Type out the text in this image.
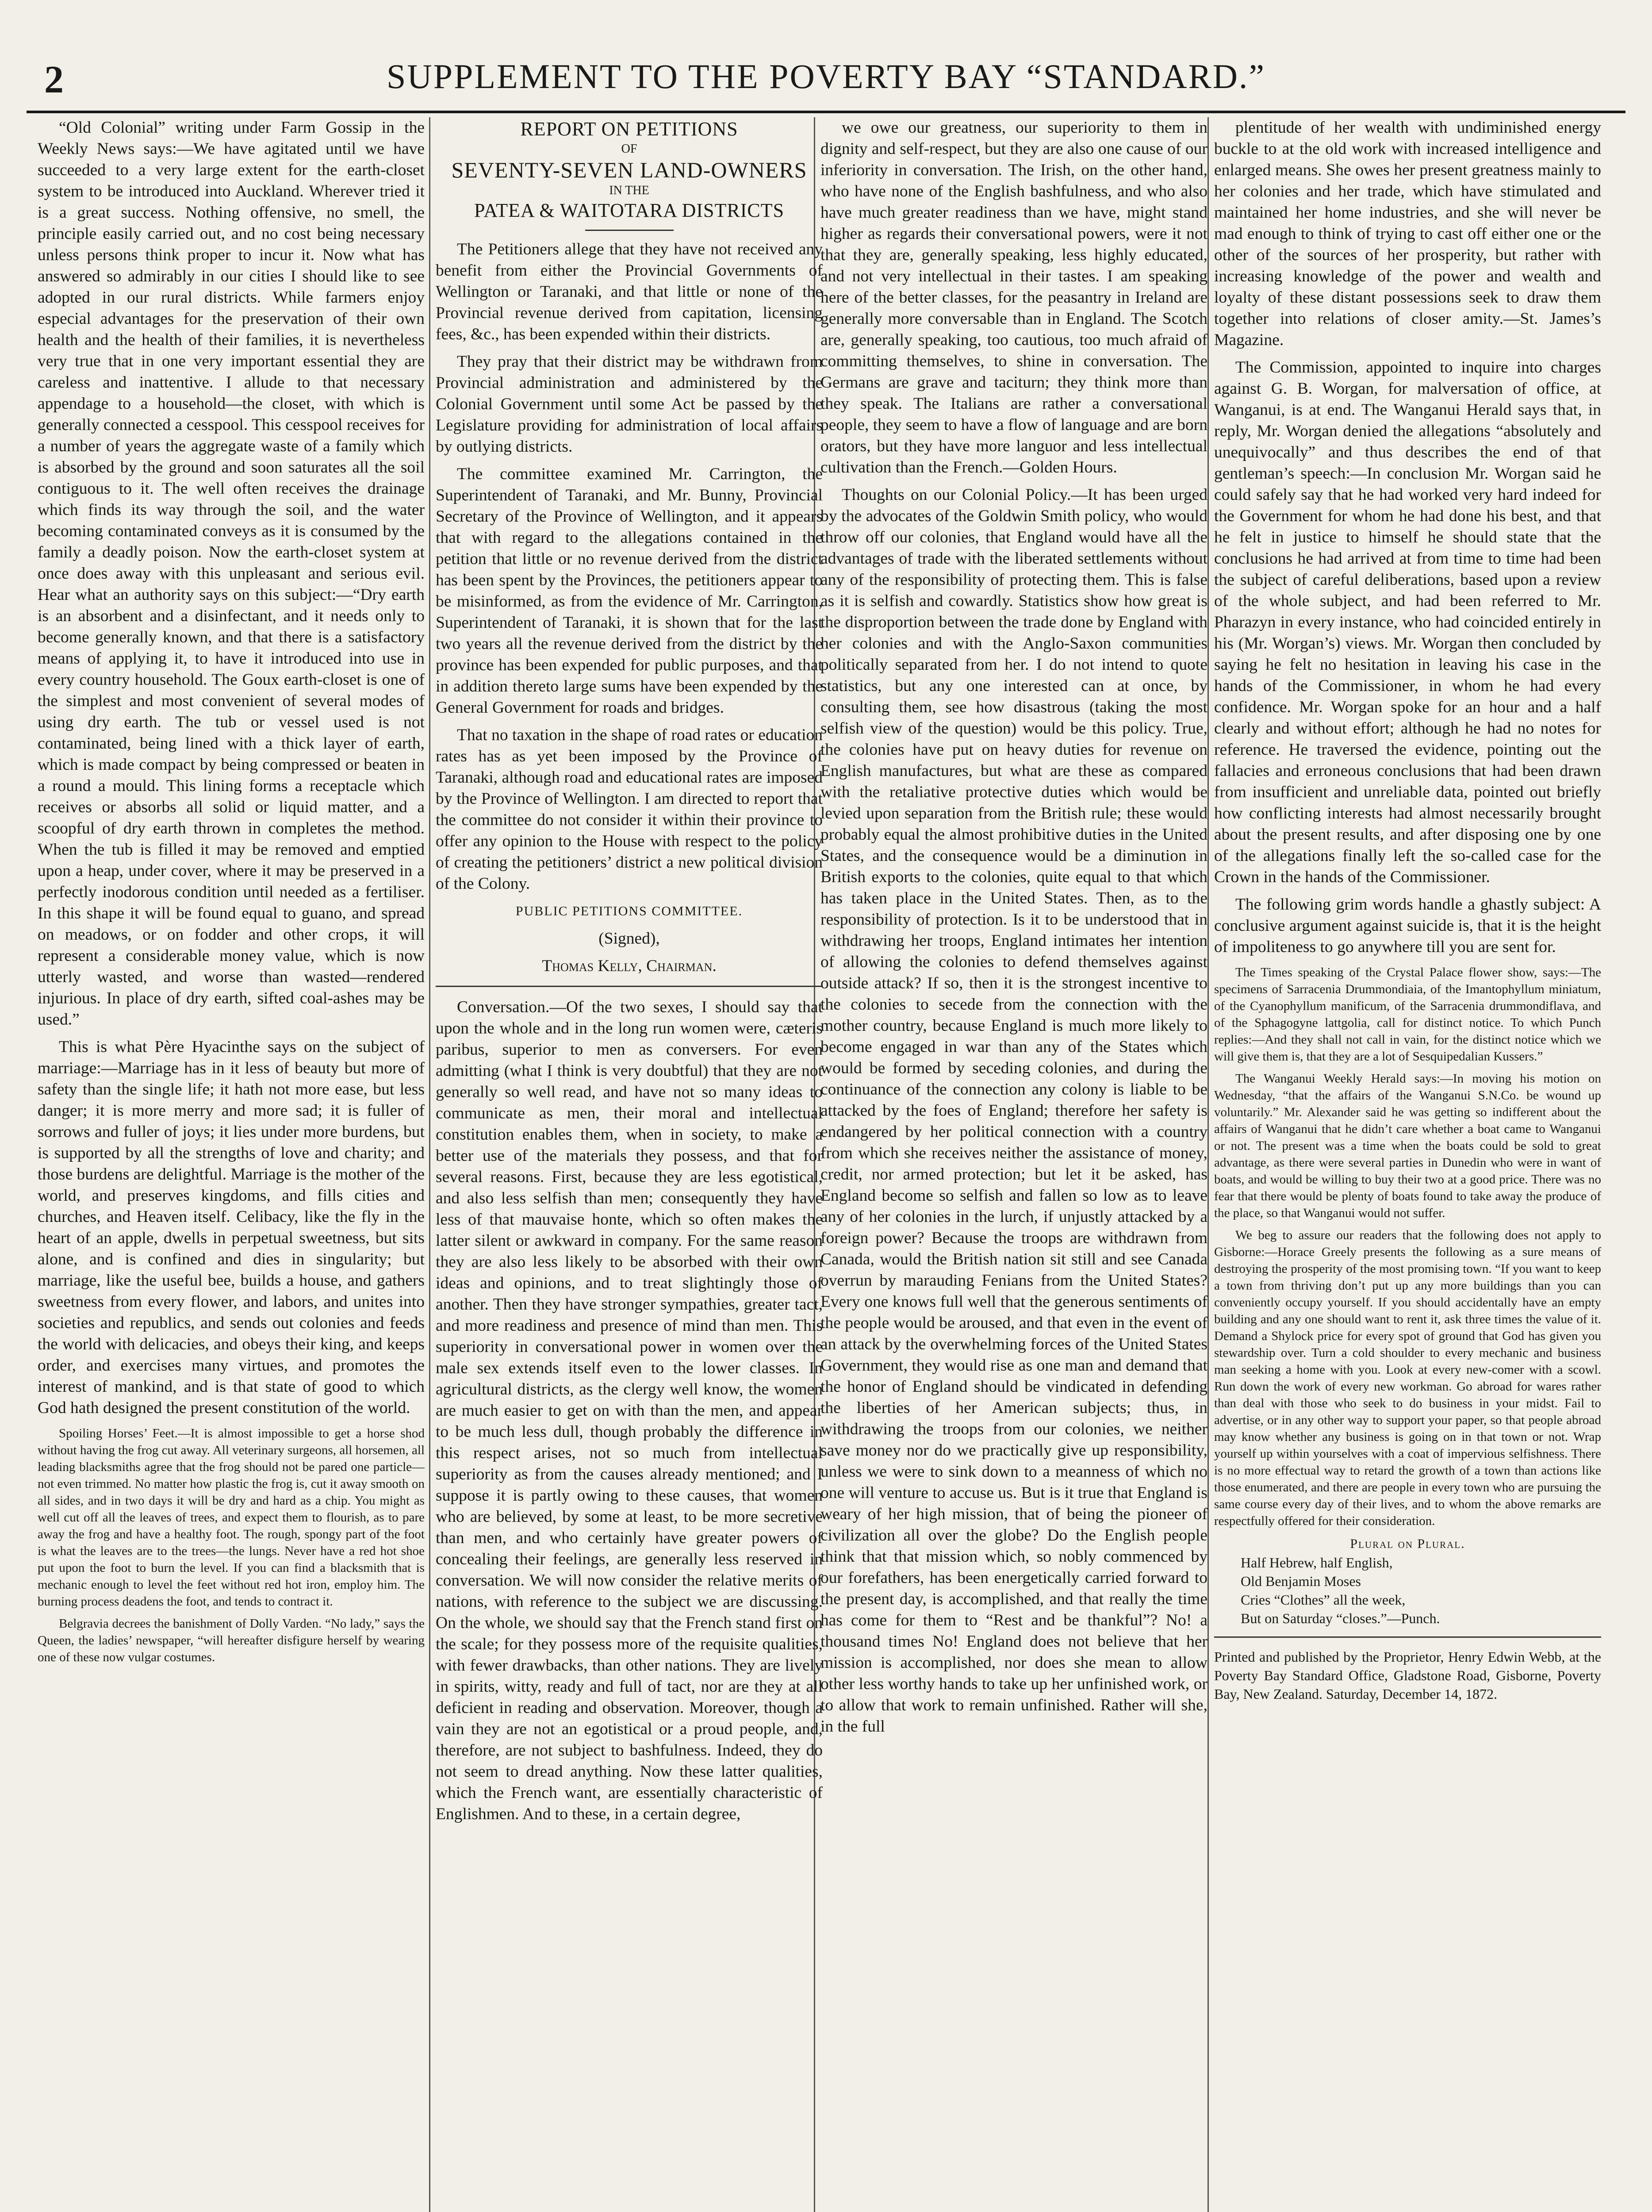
2	SUPPLEMENT TO THE POVERTY BAY “STANDARD.”

“Old Colonial” writing under Farm Gossip in the Weekly News says:—We have agitated until we have succeeded to a very large extent for the earth-closet system to be introduced into Auckland. Wherever tried it is a great success. Nothing offensive, no smell, the principle easily carried out, and no cost being necessary unless persons think proper to incur it. Now what has answered so admirably in our cities I should like to see adopted in our rural districts. While farmers enjoy especial advantages for the preservation of their own health and the health of their families, it is nevertheless very true that in one very important essential they are careless and inattentive. I allude to that necessary appendage to a household—the closet, with which is generally connected a cesspool. This cesspool receives for a number of years the aggregate waste of a family which is absorbed by the ground and soon saturates all the soil contiguous to it. The well often receives the drainage which finds its way through the soil, and the water becoming contaminated conveys as it is consumed by the family a deadly poison. Now the earth-closet system at once does away with this unpleasant and serious evil. Hear what an authority says on this subject:—“Dry earth is an absorbent and a disinfectant, and it needs only to become generally known, and that there is a satisfactory means of applying it, to have it introduced into use in every country household. The Goux earth-closet is one of the simplest and most convenient of several modes of using dry earth. The tub or vessel used is not contaminated, being lined with a thick layer of earth, which is made compact by being compressed or beaten in a round a mould. This lining forms a receptacle which receives or absorbs all solid or liquid matter, and a scoopful of dry earth thrown in completes the method. When the tub is filled it may be removed and emptied upon a heap, under cover, where it may be preserved in a perfectly inodorous condition until needed as a fertiliser. In this shape it will be found equal to guano, and spread on meadows, or on fodder and other crops, it will represent a considerable money value, which is now utterly wasted, and worse than wasted—rendered injurious. In place of dry earth, sifted coal-ashes may be used.”

This is what Père Hyacinthe says on the subject of marriage:—Marriage has in it less of beauty but more of safety than the single life; it hath not more ease, but less danger; it is more merry and more sad; it is fuller of sorrows and fuller of joys; it lies under more burdens, but is supported by all the strengths of love and charity; and those burdens are delightful. Marriage is the mother of the world, and preserves kingdoms, and fills cities and churches, and Heaven itself. Celibacy, like the fly in the heart of an apple, dwells in perpetual sweetness, but sits alone, and is confined and dies in singularity; but marriage, like the useful bee, builds a house, and gathers sweetness from every flower, and labors, and unites into societies and republics, and sends out colonies and feeds the world with delicacies, and obeys their king, and keeps order, and exercises many virtues, and promotes the interest of mankind, and is that state of good to which God hath designed the present constitution of the world.

Spoiling Horses’ Feet.—It is almost impossible to get a horse shod without having the frog cut away. All veterinary surgeons, all horsemen, all leading blacksmiths agree that the frog should not be pared one particle—not even trimmed. No matter how plastic the frog is, cut it away smooth on all sides, and in two days it will be dry and hard as a chip. You might as well cut off all the leaves of trees, and expect them to flourish, as to pare away the frog and have a healthy foot. The rough, spongy part of the foot is what the leaves are to the trees—the lungs. Never have a red hot shoe put upon the foot to burn the level. If you can find a blacksmith that is mechanic enough to level the feet without red hot iron, employ him. The burning process deadens the foot, and tends to contract it.

Belgravia decrees the banishment of Dolly Varden. “No lady,” says the Queen, the ladies’ newspaper, “will hereafter disfigure herself by wearing one of these now vulgar costumes.

REPORT ON PETITIONS
OF
SEVENTY-SEVEN LAND-OWNERS
IN THE
PATEA & WAITOTARA DISTRICTS

The Petitioners allege that they have not received any benefit from either the Provincial Governments of Wellington or Taranaki, and that little or none of the Provincial revenue derived from capitation, licensing fees, &c., has been expended within their districts.

They pray that their district may be withdrawn from Provincial administration and administered by the Colonial Government until some Act be passed by the Legislature providing for administration of local affairs by outlying districts.

The committee examined Mr. Carrington, the Superintendent of Taranaki, and Mr. Bunny, Provincial Secretary of the Province of Wellington, and it appears that with regard to the allegations contained in the petition that little or no revenue derived from the district has been spent by the Provinces, the petitioners appear to be misinformed, as from the evidence of Mr. Carrington, Superintendent of Taranaki, it is shown that for the last two years all the revenue derived from the district by the province has been expended for public purposes, and that in addition thereto large sums have been expended by the General Government for roads and bridges.

That no taxation in the shape of road rates or education rates has as yet been imposed by the Province of Taranaki, although road and educational rates are imposed by the Province of Wellington. I am directed to report that the committee do not consider it within their province to offer any opinion to the House with respect to the policy of creating the petitioners’ district a new political division of the Colony.

PUBLIC PETITIONS COMMITTEE.

(Signed),

Thomas Kelly, Chairman.

Conversation.—Of the two sexes, I should say that upon the whole and in the long run women were, cæteris paribus, superior to men as conversers. For even admitting (what I think is very doubtful) that they are not generally so well read, and have not so many ideas to communicate as men, their moral and intellectual constitution enables them, when in society, to make a better use of the materials they possess, and that for several reasons. First, because they are less egotistical, and also less selfish than men; consequently they have less of that mauvaise honte, which so often makes the latter silent or awkward in company. For the same reason they are also less likely to be absorbed with their own ideas and opinions, and to treat slightingly those of another. Then they have stronger sympathies, greater tact, and more readiness and presence of mind than men. This superiority in conversational power in women over the male sex extends itself even to the lower classes. In agricultural districts, as the clergy well know, the women are much easier to get on with than the men, and appear to be much less dull, though probably the difference in this respect arises, not so much from intellectual superiority as from the causes already mentioned; and I suppose it is partly owing to these causes, that women who are believed, by some at least, to be more secretive than men, and who certainly have greater powers of concealing their feelings, are generally less reserved in conversation. We will now consider the relative merits of nations, with reference to the subject we are discussing. On the whole, we should say that the French stand first on the scale; for they possess more of the requisite qualities, with fewer drawbacks, than other nations. They are lively in spirits, witty, ready and full of tact, nor are they at all deficient in reading and observation. Moreover, though a vain they are not an egotistical or a proud people, and, therefore, are not subject to bashfulness. Indeed, they do not seem to dread anything. Now these latter qualities, which the French want, are essentially characteristic of Englishmen. And to these, in a certain degree,

we owe our greatness, our superiority to them in dignity and self-respect, but they are also one cause of our inferiority in conversation. The Irish, on the other hand, who have none of the English bashfulness, and who also have much greater readiness than we have, might stand higher as regards their conversational powers, were it not that they are, generally speaking, less highly educated, and not very intellectual in their tastes. I am speaking here of the better classes, for the peasantry in Ireland are generally more conversable than in England. The Scotch are, generally speaking, too cautious, too much afraid of committing themselves, to shine in conversation. The Germans are grave and taciturn; they think more than they speak. The Italians are rather a conversational people, they seem to have a flow of language and are born orators, but they have more languor and less intellectual cultivation than the French.—Golden Hours.

Thoughts on our Colonial Policy.—It has been urged by the advocates of the Goldwin Smith policy, who would throw off our colonies, that England would have all the advantages of trade with the liberated settlements without any of the responsibility of protecting them. This is false as it is selfish and cowardly. Statistics show how great is the disproportion between the trade done by England with her colonies and with the Anglo-Saxon communities politically separated from her. I do not intend to quote statistics, but any one interested can at once, by consulting them, see how disastrous (taking the most selfish view of the question) would be this policy. True, the colonies have put on heavy duties for revenue on English manufactures, but what are these as compared with the retaliative protective duties which would be levied upon separation from the British rule; these would probably equal the almost prohibitive duties in the United States, and the consequence would be a diminution in British exports to the colonies, quite equal to that which has taken place in the United States. Then, as to the responsibility of protection. Is it to be understood that in withdrawing her troops, England intimates her intention of allowing the colonies to defend themselves against outside attack? If so, then it is the strongest incentive to the colonies to secede from the connection with the mother country, because England is much more likely to become engaged in war than any of the States which would be formed by seceding colonies, and during the continuance of the connection any colony is liable to be attacked by the foes of England; therefore her safety is endangered by her political connection with a country from which she receives neither the assistance of money, credit, nor armed protection; but let it be asked, has England become so selfish and fallen so low as to leave any of her colonies in the lurch, if unjustly attacked by a foreign power? Because the troops are withdrawn from Canada, would the British nation sit still and see Canada overrun by marauding Fenians from the United States? Every one knows full well that the generous sentiments of the people would be aroused, and that even in the event of an attack by the overwhelming forces of the United States Government, they would rise as one man and demand that the honor of England should be vindicated in defending the liberties of her American subjects; thus, in withdrawing the troops from our colonies, we neither save money nor do we practically give up responsibility, unless we were to sink down to a meanness of which no one will venture to accuse us. But is it true that England is weary of her high mission, that of being the pioneer of civilization all over the globe? Do the English people think that that mission which, so nobly commenced by our forefathers, has been energetically carried forward to the present day, is accomplished, and that really the time has come for them to “Rest and be thankful”? No! a thousand times No! England does not believe that her mission is accomplished, nor does she mean to allow other less worthy hands to take up her unfinished work, or to allow that work to remain unfinished. Rather will she, in the full

plentitude of her wealth with undiminished energy buckle to at the old work with increased intelligence and enlarged means. She owes her present greatness mainly to her colonies and her trade, which have stimulated and maintained her home industries, and she will never be mad enough to think of trying to cast off either one or the other of the sources of her prosperity, but rather with increasing knowledge of the power and wealth and loyalty of these distant possessions seek to draw them together into relations of closer amity.—St. James’s Magazine.

The Commission, appointed to inquire into charges against G. B. Worgan, for malversation of office, at Wanganui, is at end. The Wanganui Herald says that, in reply, Mr. Worgan denied the allegations “absolutely and unequivocally” and thus describes the end of that gentleman’s speech:—In conclusion Mr. Worgan said he could safely say that he had worked very hard indeed for the Government for whom he had done his best, and that he felt in justice to himself he should state that the conclusions he had arrived at from time to time had been the subject of careful deliberations, based upon a review of the whole subject, and had been referred to Mr. Pharazyn in every instance, who had coincided entirely in his (Mr. Worgan’s) views. Mr. Worgan then concluded by saying he felt no hesitation in leaving his case in the hands of the Commissioner, in whom he had every confidence. Mr. Worgan spoke for an hour and a half clearly and without effort; although he had no notes for reference. He traversed the evidence, pointing out the fallacies and erroneous conclusions that had been drawn from insufficient and unreliable data, pointed out briefly how conflicting interests had almost necessarily brought about the present results, and after disposing one by one of the allegations finally left the so-called case for the Crown in the hands of the Commissioner.

The following grim words handle a ghastly subject: A conclusive argument against suicide is, that it is the height of impoliteness to go anywhere till you are sent for.

The Times speaking of the Crystal Palace flower show, says:—The specimens of Sarracenia Drummondiaia, of the Imantophyllum miniatum, of the Cyanophyllum manificum, of the Sarracenia drummondiflava, and of the Sphagogyne lattgolia, call for distinct notice. To which Punch replies:—And they shall not call in vain, for the distinct notice which we will give them is, that they are a lot of Sesquipedalian Kussers.”

The Wanganui Weekly Herald says:—In moving his motion on Wednesday, “that the affairs of the Wanganui S.N.Co. be wound up voluntarily.” Mr. Alexander said he was getting so indifferent about the affairs of Wanganui that he didn’t care whether a boat came to Wanganui or not. The present was a time when the boats could be sold to great advantage, as there were several parties in Dunedin who were in want of boats, and would be willing to buy their two at a good price. There was no fear that there would be plenty of boats found to take away the produce of the place, so that Wanganui would not suffer.

We beg to assure our readers that the following does not apply to Gisborne:—Horace Greely presents the following as a sure means of destroying the prosperity of the most promising town. “If you want to keep a town from thriving don’t put up any more buildings than you can conveniently occupy yourself. If you should accidentally have an empty building and any one should want to rent it, ask three times the value of it. Demand a Shylock price for every spot of ground that God has given you stewardship over. Turn a cold shoulder to every mechanic and business man seeking a home with you. Look at every new-comer with a scowl. Run down the work of every new workman. Go abroad for wares rather than deal with those who seek to do business in your midst. Fail to advertise, or in any other way to support your paper, so that people abroad may know whether any business is going on in that town or not. Wrap yourself up within yourselves with a coat of impervious selfishness. There is no more effectual way to retard the growth of a town than actions like those enumerated, and there are people in every town who are pursuing the same course every day of their lives, and to whom the above remarks are respectfully offered for their consideration.

Plural on Plural.
Half Hebrew, half English,
Old Benjamin Moses
Cries “Clothes” all the week,
But on Saturday “closes.”—Punch.

Printed and published by the Proprietor, Henry Edwin Webb, at the Poverty Bay Standard Office, Gladstone Road, Gisborne, Poverty Bay, New Zealand. Saturday, December 14, 1872.
